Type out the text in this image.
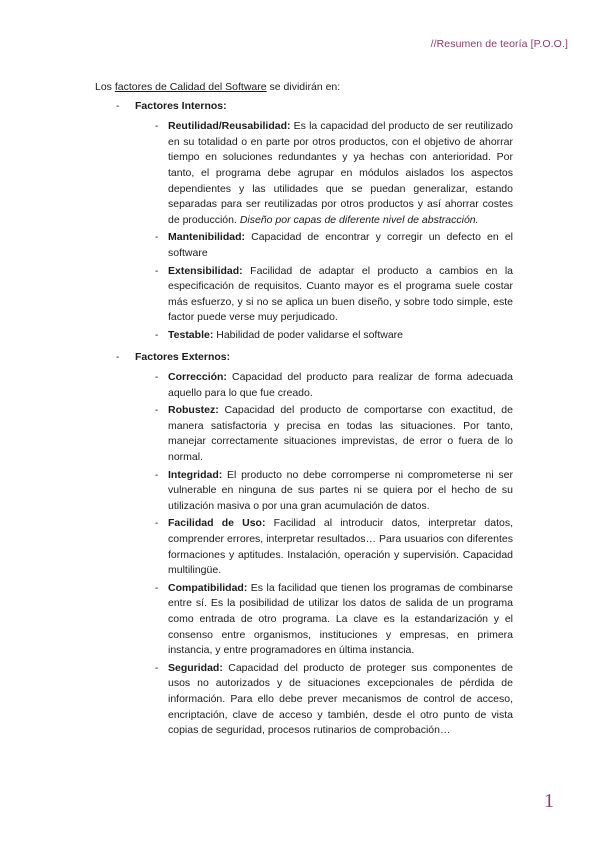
//Resumen de teoría [P.O.O.]

Los factores de Calidad del Software se dividirán en:

- Factores Internos:
- Reutilidad/Reusabilidad: Es la capacidad del producto de ser reutilizado en su totalidad o en parte por otros productos, con el objetivo de ahorrar tiempo en soluciones redundantes y ya hechas con anterioridad. Por tanto, el programa debe agrupar en módulos aislados los aspectos dependientes y las utilidades que se puedan generalizar, estando separadas para ser reutilizadas por otros productos y así ahorrar costes de producción. Diseño por capas de diferente nivel de abstracción.
- Mantenibilidad: Capacidad de encontrar y corregir un defecto en el software
- Extensibilidad: Facilidad de adaptar el producto a cambios en la especificación de requisitos. Cuanto mayor es el programa suele costar más esfuerzo, y si no se aplica un buen diseño, y sobre todo simple, este factor puede verse muy perjudicado.
- Testable: Habilidad de poder validarse el software
- Factores Externos:
- Corrección: Capacidad del producto para realizar de forma adecuada aquello para lo que fue creado.
- Robustez: Capacidad del producto de comportarse con exactitud, de manera satisfactoria y precisa en todas las situaciones. Por tanto, manejar correctamente situaciones imprevistas, de error o fuera de lo normal.
- Integridad: El producto no debe corromperse ni comprometerse ni ser vulnerable en ninguna de sus partes ni se quiera por el hecho de su utilización masiva o por una gran acumulación de datos.
- Facilidad de Uso: Facilidad al introducir datos, interpretar datos, comprender errores, interpretar resultados… Para usuarios con diferentes formaciones y aptitudes. Instalación, operación y supervisión. Capacidad multilingüe.
- Compatibilidad: Es la facilidad que tienen los programas de combinarse entre sí. Es la posibilidad de utilizar los datos de salida de un programa como entrada de otro programa. La clave es la estandarización y el consenso entre organismos, instituciones y empresas, en primera instancia, y entre programadores en última instancia.
- Seguridad: Capacidad del producto de proteger sus componentes de usos no autorizados y de situaciones excepcionales de pérdida de información. Para ello debe prever mecanismos de control de acceso, encriptación, clave de acceso y también, desde el otro punto de vista copias de seguridad, procesos rutinarios de comprobación…
1
